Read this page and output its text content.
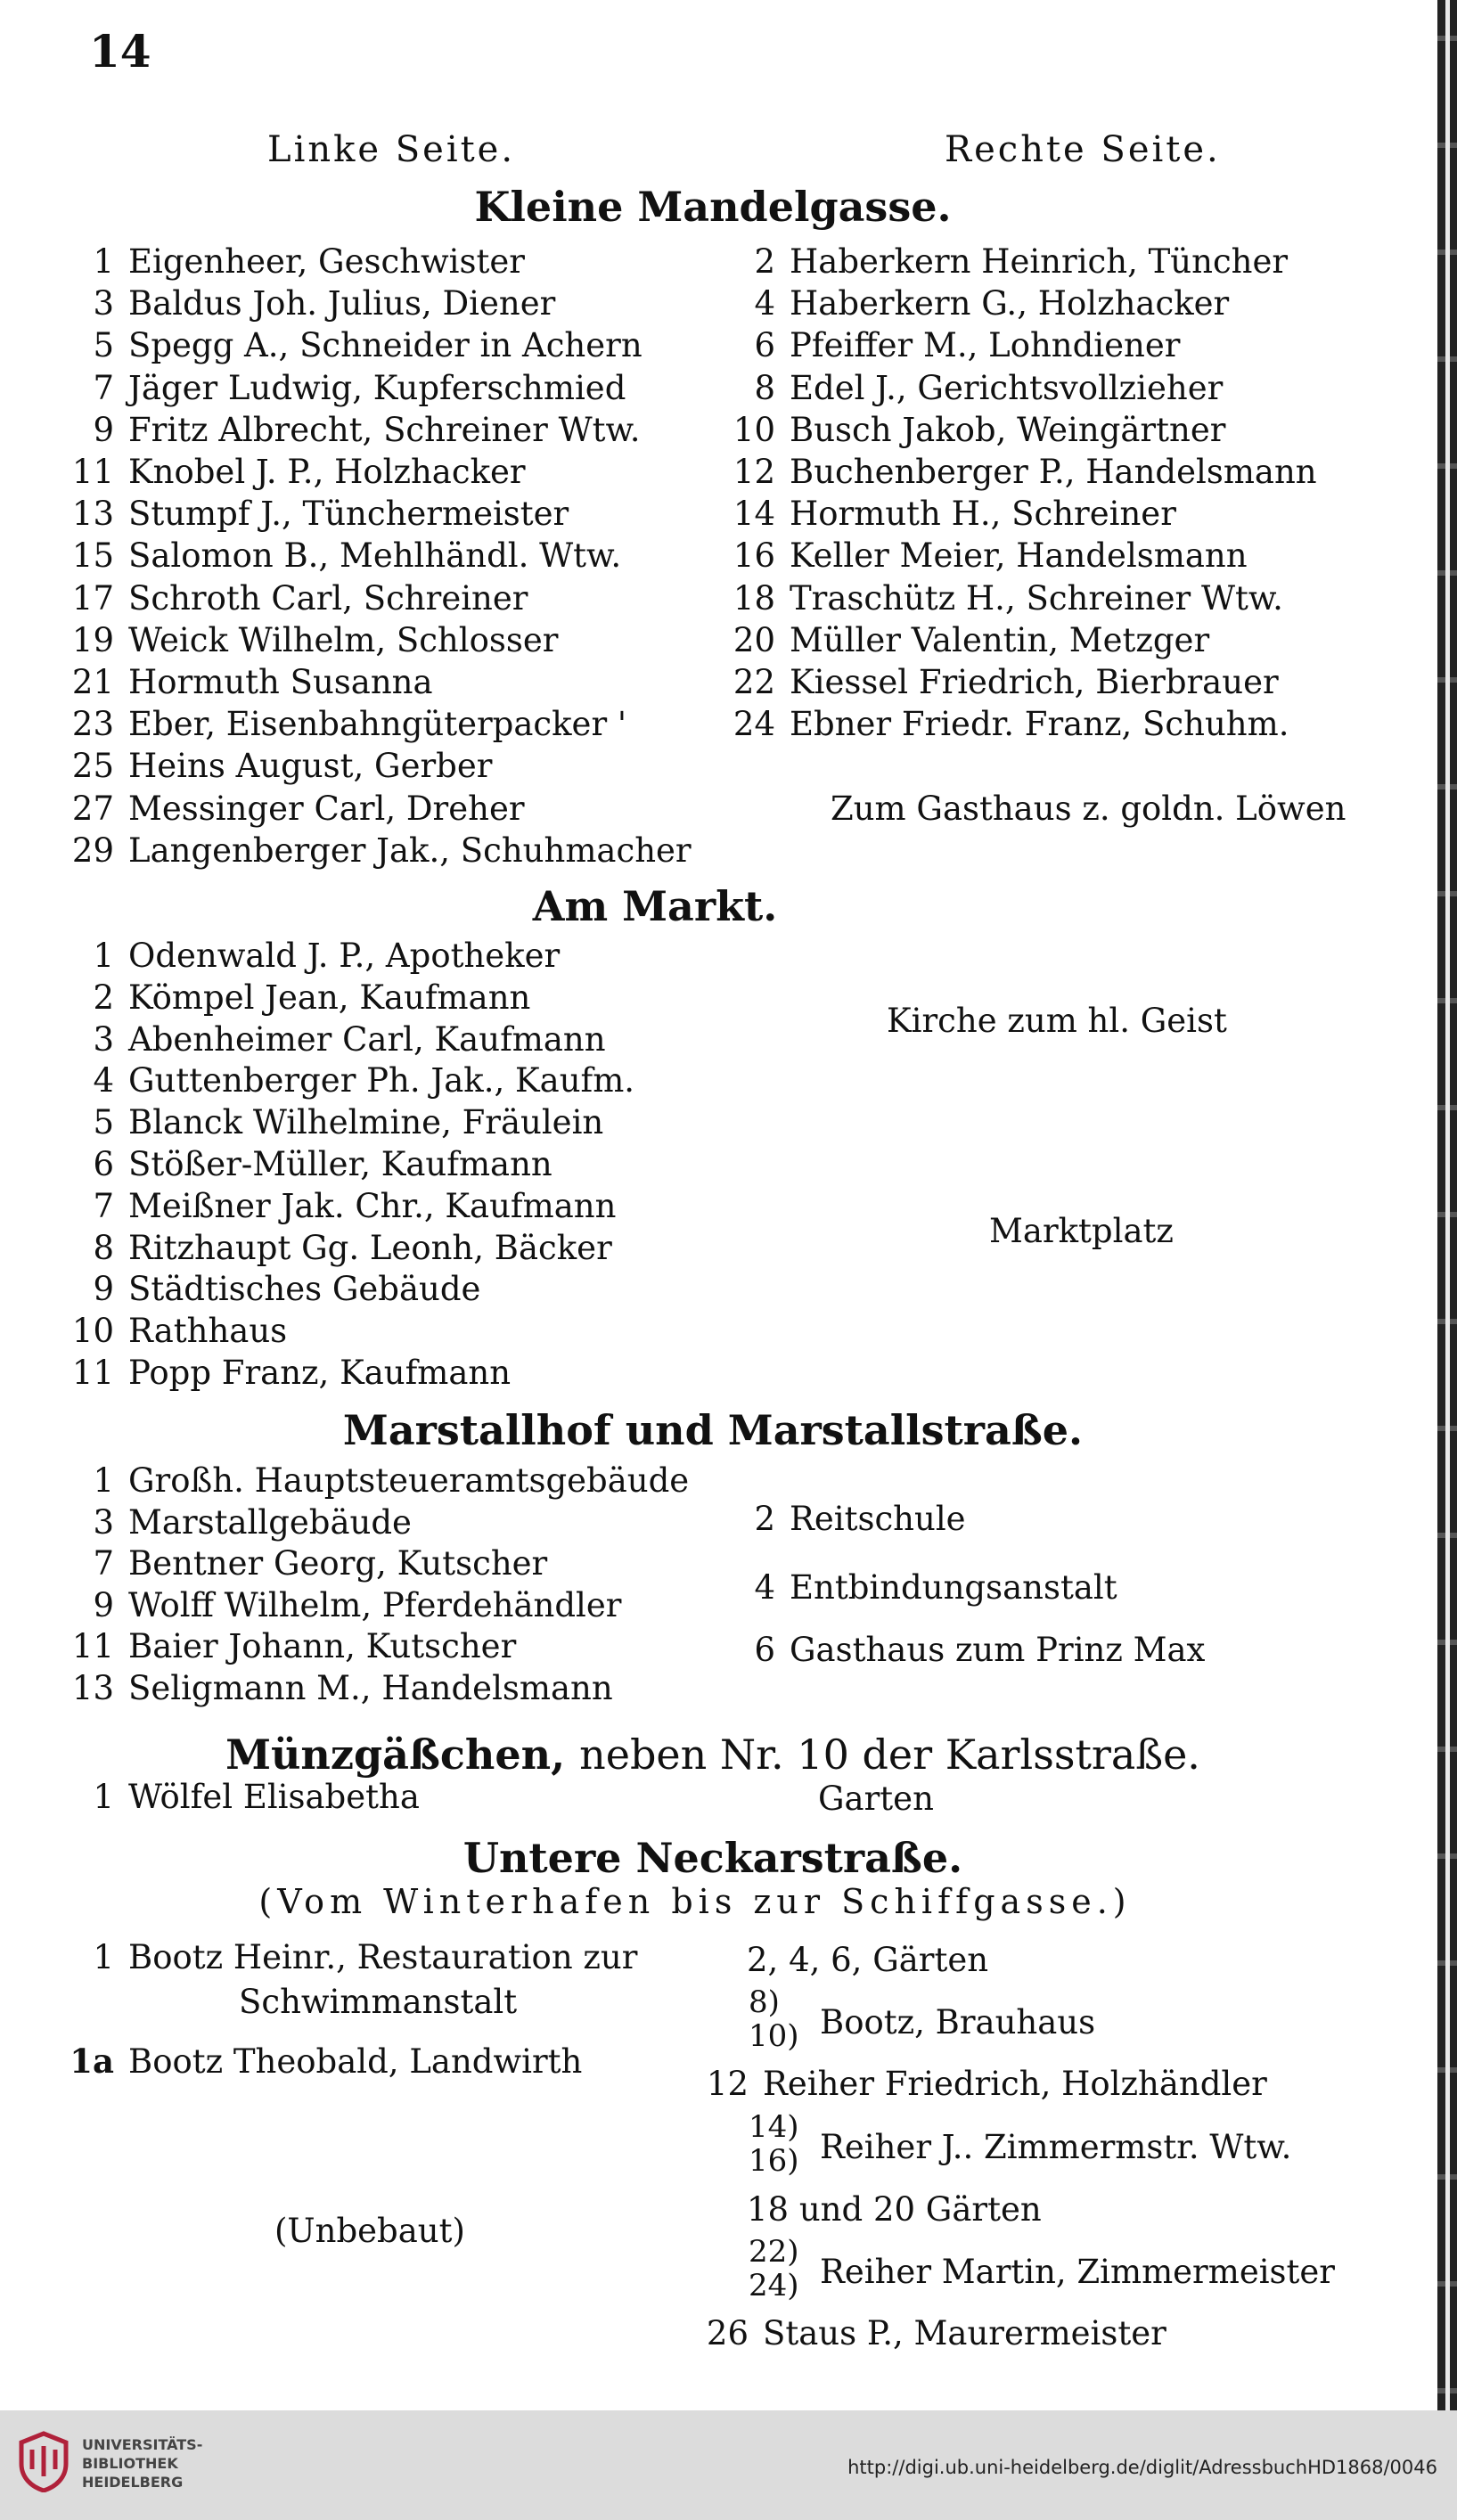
14
Linke Seite.	Rechte Seite.
Kleine Mandelgasse.
1 Eigenheer, Geschwister
3 Baldus Joh. Julius, Diener
5 Spegg A., Schneider in Achern
7 Jäger Ludwig, Kupferschmied
9 Fritz Albrecht, Schreiner Wtw.
11 Knobel J. P., Holzhacker
13 Stumpf J., Tünchermeister
15 Salomon B., Mehlhändl. Wtw.
17 Schroth Carl, Schreiner
19 Weick Wilhelm, Schlosser
21 Hormuth Susanna
23 Eber, Eisenbahngüterpacker '
25 Heins August, Gerber
27 Messinger Carl, Dreher
29 Langenberger Jak., Schuhmacher
2 Haberkern Heinrich, Tüncher
4 Haberkern G., Holzhacker
6 Pfeiffer M., Lohndiener
8 Edel J., Gerichtsvollzieher
10 Busch Jakob, Weingärtner
12 Buchenberger P., Handelsmann
14 Hormuth H., Schreiner
16 Keller Meier, Handelsmann
18 Traschütz H., Schreiner Wtw.
20 Müller Valentin, Metzger
22 Kiessel Friedrich, Bierbrauer
24 Ebner Friedr. Franz, Schuhm.
Zum Gasthaus z. goldn. Löwen
Am Markt.
1 Odenwald J. P., Apotheker
2 Kömpel Jean, Kaufmann
3 Abenheimer Carl, Kaufmann
4 Guttenberger Ph. Jak., Kaufm.
5 Blanck Wilhelmine, Fräulein
6 Stößer-Müller, Kaufmann
7 Meißner Jak. Chr., Kaufmann
8 Ritzhaupt Gg. Leonh, Bäcker
9 Städtisches Gebäude
10 Rathhaus
11 Popp Franz, Kaufmann
Kirche zum hl. Geist
Marktplatz
Marstallhof und Marstallstraße.
1 Großh. Hauptsteueramtsgebäude
3 Marstallgebäude
7 Bentner Georg, Kutscher
9 Wolff Wilhelm, Pferdehändler
11 Baier Johann, Kutscher
13 Seligmann M., Handelsmann
2 Reitschule
4 Entbindungsanstalt
6 Gasthaus zum Prinz Max
Münzgäßchen, neben Nr. 10 der Karlsstraße.
1 Wölfel Elisabetha	Garten
Untere Neckarstraße.
(Vom Winterhafen bis zur Schiffgasse.)
1 Bootz Heinr., Restauration zur
Schwimmanstalt
1a Bootz Theobald, Landwirth
(Unbebaut)
2, 4, 6, Gärten
8)
10) Bootz, Brauhaus
12 Reiher Friedrich, Holzhändler
14)
16) Reiher J.. Zimmermstr. Wtw.
18 und 20 Gärten
22)
24) Reiher Martin, Zimmermeister
26 Staus P., Maurermeister
UNIVERSITÄTS-
BIBLIOTHEK
HEIDELBERG
http://digi.ub.uni-heidelberg.de/diglit/AdressbuchHD1868/0046
